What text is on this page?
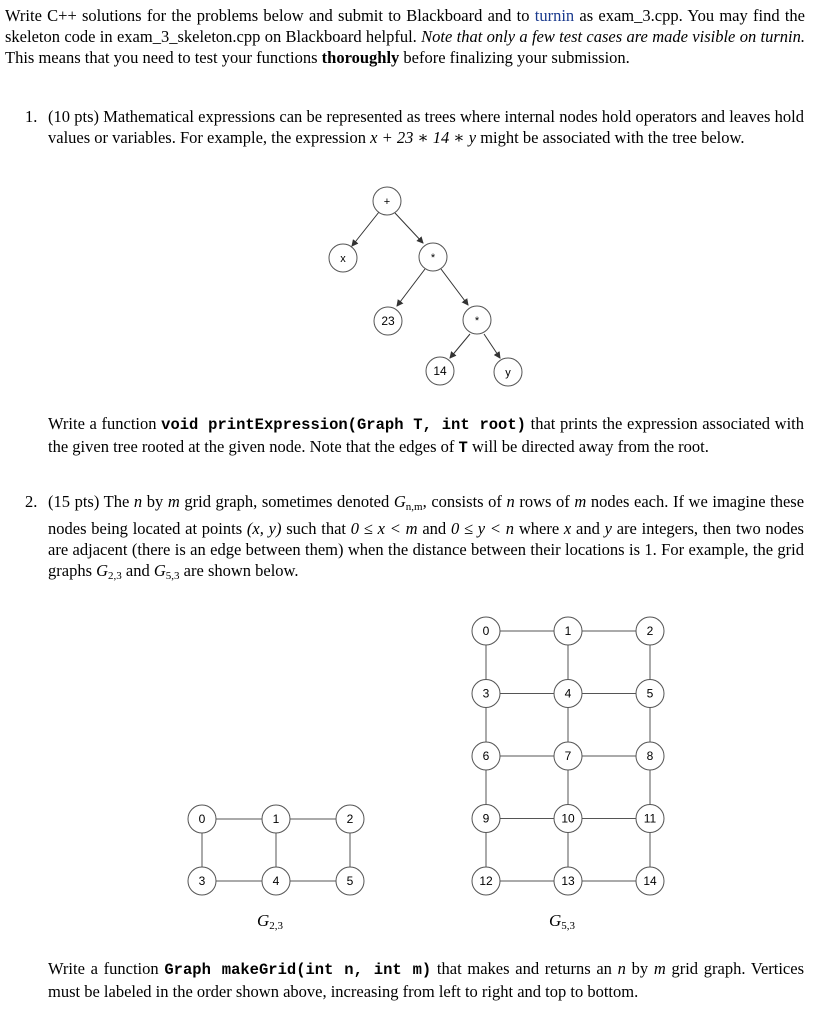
Write C++ solutions for the problems below and submit to Blackboard and to turnin as exam_3.cpp. You may find the skeleton code in exam_3_skeleton.cpp on Blackboard helpful. Note that only a few test cases are made visible on turnin. This means that you need to test your functions thoroughly before finalizing your submission.

1. (10 pts) Mathematical expressions can be represented as trees where internal nodes hold operators and leaves hold values or variables. For example, the expression x + 23 ∗ 14 ∗ y might be associated with the tree below.

+
x	*
23	*
14	y

Write a function void printExpression(Graph T, int root) that prints the expression associated with the given tree rooted at the given node. Note that the edges of T will be directed away from the root.

2. (15 pts) The n by m grid graph, sometimes denoted $G_{n,m}$, consists of n rows of m nodes each. If we imagine these nodes being located at points (x, y) such that 0 ≤ x < m and 0 ≤ y < n where x and y are integers, then two nodes are adjacent (there is an edge between them) when the distance between their locations is 1. For example, the grid graphs $G_{2,3}$ and $G_{5,3}$ are shown below.

0	1	2
3	4	5
0	1	2
3	4	5
6	7	8
9	10	11
12	13	14
$G_{2,3}$	$G_{5,3}$

Write a function Graph makeGrid(int n, int m) that makes and returns an n by m grid graph. Vertices must be labeled in the order shown above, increasing from left to right and top to bottom.
